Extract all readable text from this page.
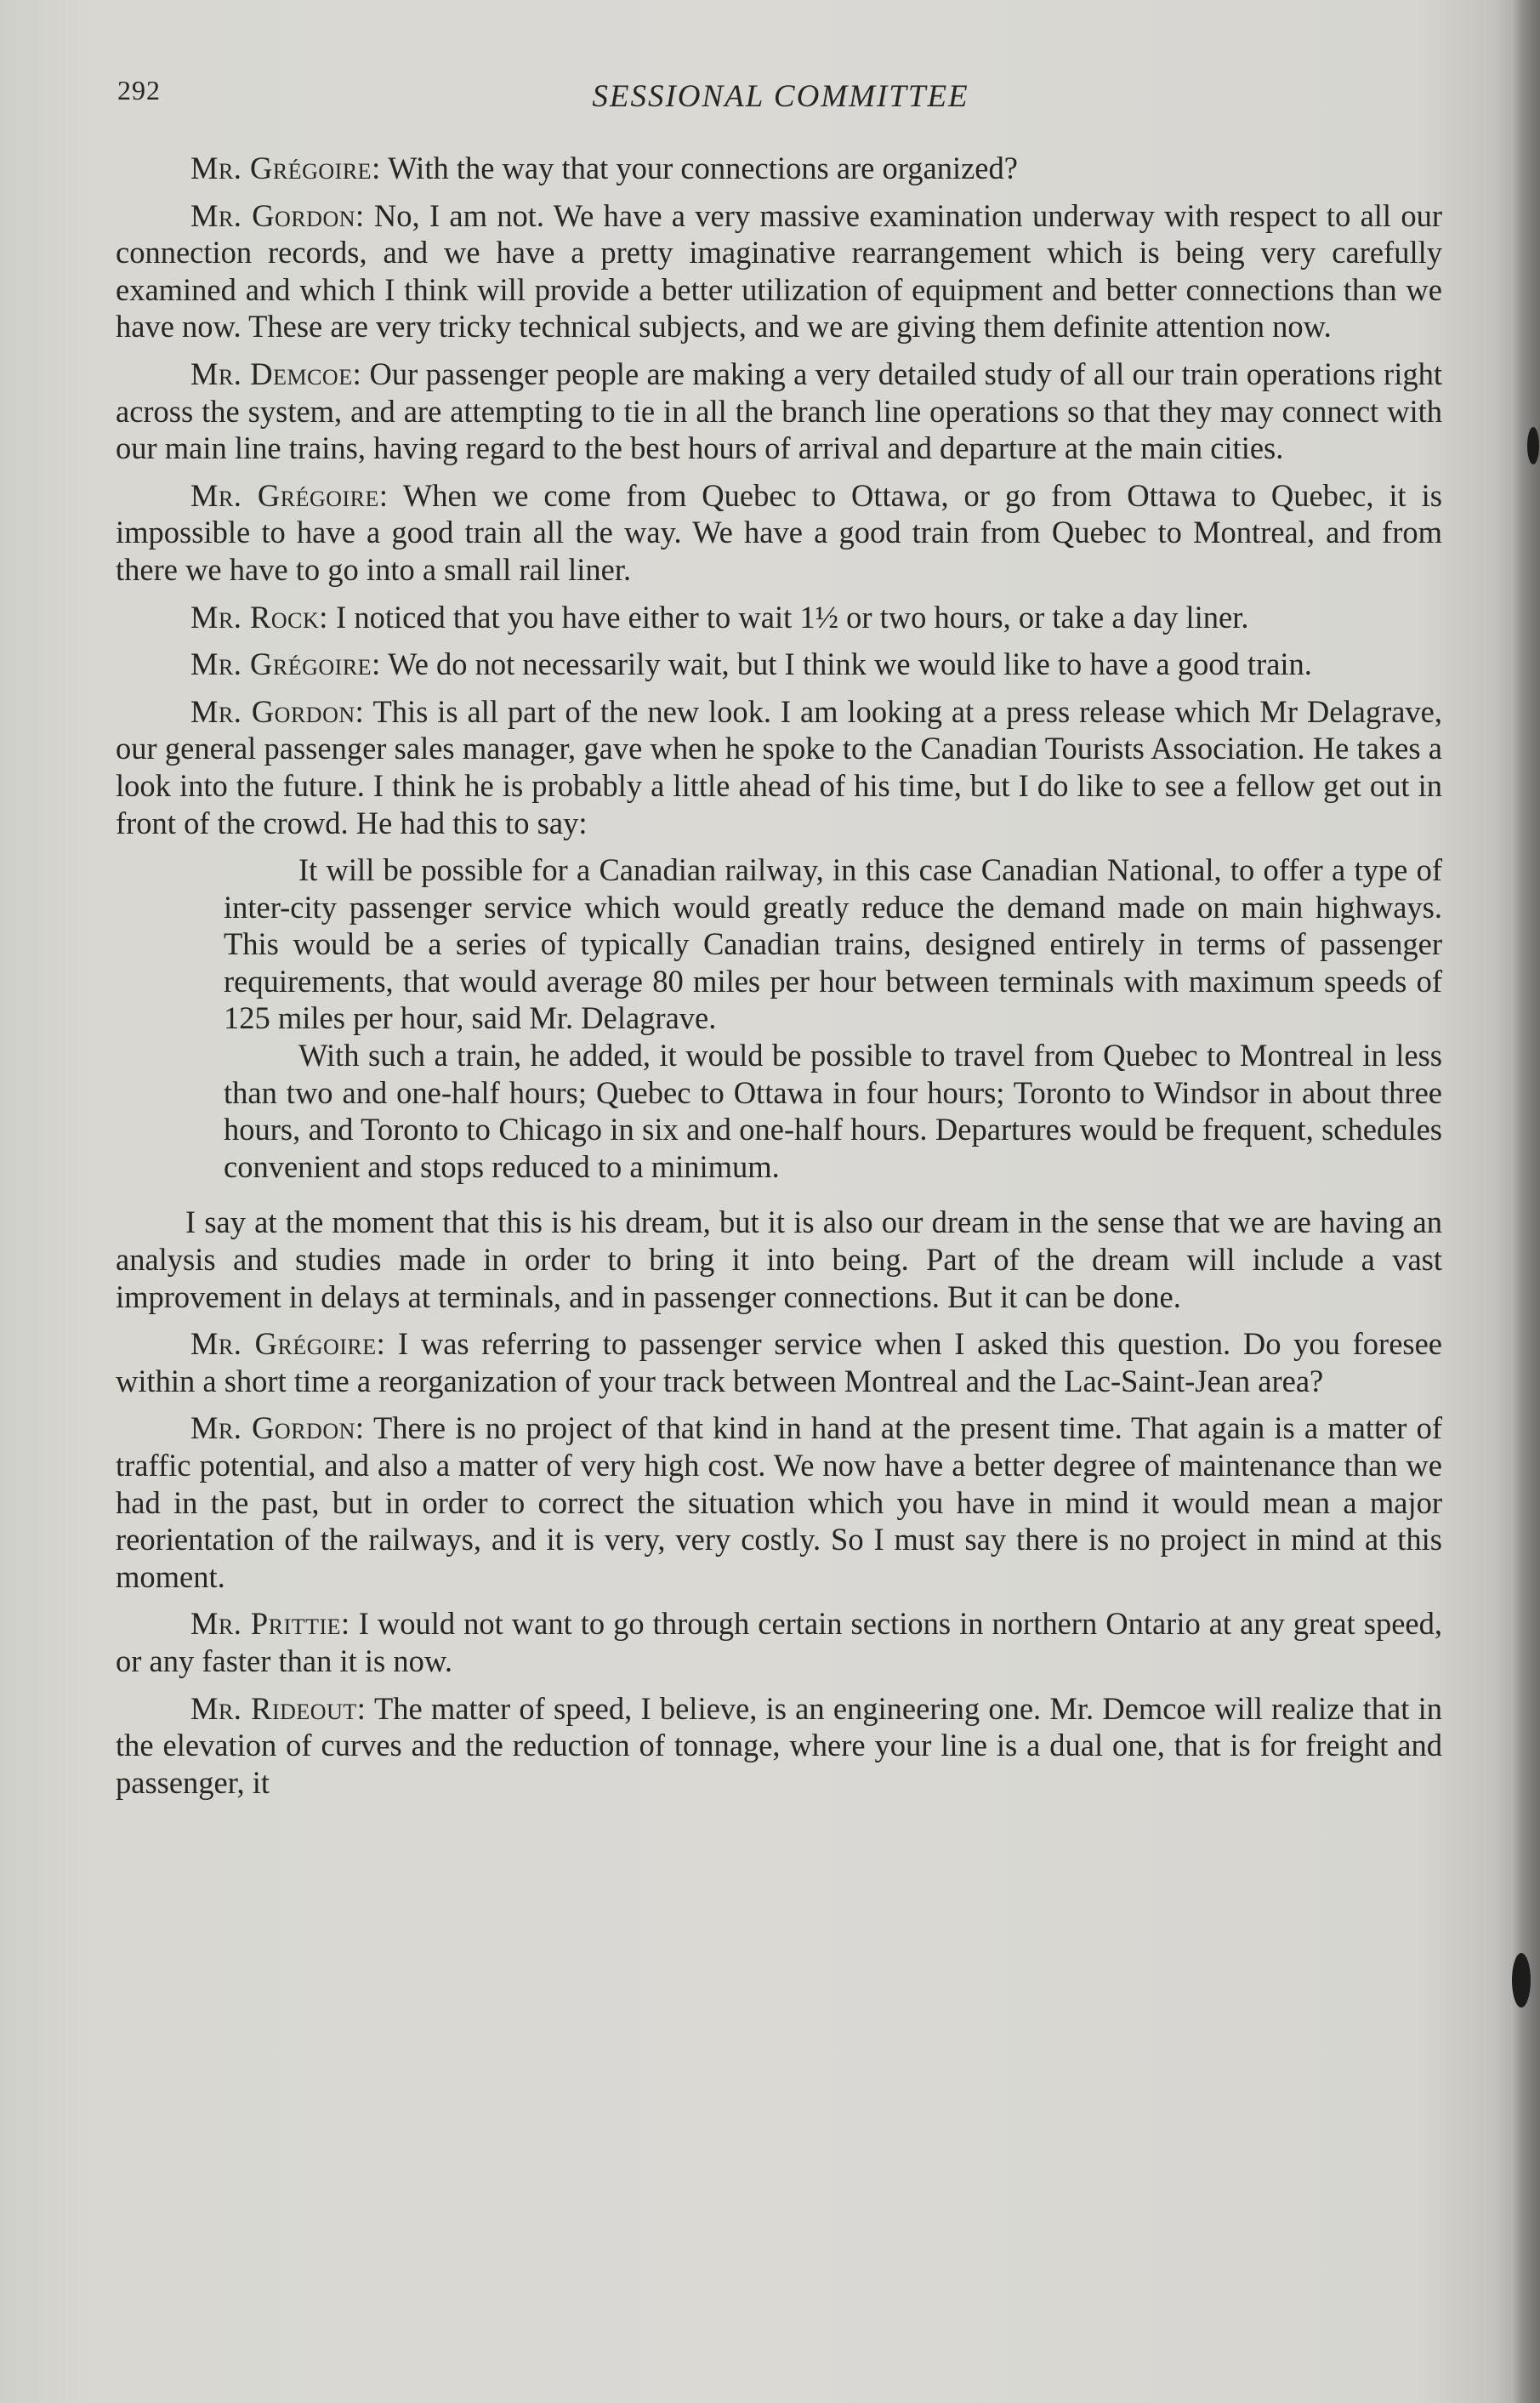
292	SESSIONAL COMMITTEE

Mr. Grégoire: With the way that your connections are organized?

Mr. Gordon: No, I am not. We have a very massive examination underway with respect to all our connection records, and we have a pretty imaginative rearrangement which is being very carefully examined and which I think will provide a better utilization of equipment and better connections than we have now. These are very tricky technical subjects, and we are giving them definite attention now.

Mr. Demcoe: Our passenger people are making a very detailed study of all our train operations right across the system, and are attempting to tie in all the branch line operations so that they may connect with our main line trains, having regard to the best hours of arrival and departure at the main cities.

Mr. Grégoire: When we come from Quebec to Ottawa, or go from Ottawa to Quebec, it is impossible to have a good train all the way. We have a good train from Quebec to Montreal, and from there we have to go into a small rail liner.

Mr. Rock: I noticed that you have either to wait 1½ or two hours, or take a day liner.

Mr. Grégoire: We do not necessarily wait, but I think we would like to have a good train.

Mr. Gordon: This is all part of the new look. I am looking at a press release which Mr Delagrave, our general passenger sales manager, gave when he spoke to the Canadian Tourists Association. He takes a look into the future. I think he is probably a little ahead of his time, but I do like to see a fellow get out in front of the crowd. He had this to say:

It will be possible for a Canadian railway, in this case Canadian National, to offer a type of inter-city passenger service which would greatly reduce the demand made on main highways. This would be a series of typically Canadian trains, designed entirely in terms of passenger requirements, that would average 80 miles per hour between terminals with maximum speeds of 125 miles per hour, said Mr. Delagrave.

With such a train, he added, it would be possible to travel from Quebec to Montreal in less than two and one-half hours; Quebec to Ottawa in four hours; Toronto to Windsor in about three hours, and Toronto to Chicago in six and one-half hours. Departures would be frequent, schedules convenient and stops reduced to a minimum.

I say at the moment that this is his dream, but it is also our dream in the sense that we are having an analysis and studies made in order to bring it into being. Part of the dream will include a vast improvement in delays at terminals, and in passenger connections. But it can be done.

Mr. Grégoire: I was referring to passenger service when I asked this question. Do you foresee within a short time a reorganization of your track between Montreal and the Lac-Saint-Jean area?

Mr. Gordon: There is no project of that kind in hand at the present time. That again is a matter of traffic potential, and also a matter of very high cost. We now have a better degree of maintenance than we had in the past, but in order to correct the situation which you have in mind it would mean a major reorientation of the railways, and it is very, very costly. So I must say there is no project in mind at this moment.

Mr. Prittie: I would not want to go through certain sections in northern Ontario at any great speed, or any faster than it is now.

Mr. Rideout: The matter of speed, I believe, is an engineering one. Mr. Demcoe will realize that in the elevation of curves and the reduction of tonnage, where your line is a dual one, that is for freight and passenger, it
